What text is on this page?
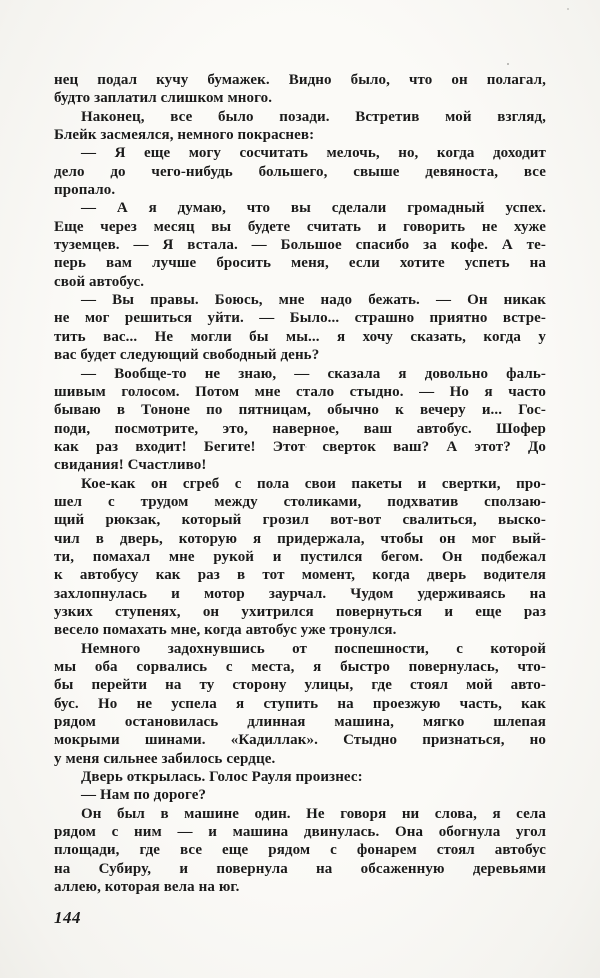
нец подал кучу бумажек. Видно было, что он полагал,
будто заплатил слишком много.
Наконец, все было позади. Встретив мой взгляд,
Блейк засмеялся, немного покраснев:
— Я еще могу сосчитать мелочь, но, когда доходит
дело до чего-нибудь большего, свыше девяноста, все
пропало.
— А я думаю, что вы сделали громадный успех.
Еще через месяц вы будете считать и говорить не хуже
туземцев. — Я встала. — Большое спасибо за кофе. А те-
перь вам лучше бросить меня, если хотите успеть на
свой автобус.
— Вы правы. Боюсь, мне надо бежать. — Он никак
не мог решиться уйти. — Было... страшно приятно встре-
тить вас... Не могли бы мы... я хочу сказать, когда у
вас будет следующий свободный день?
— Вообще-то не знаю, — сказала я довольно фаль-
шивым голосом. Потом мне стало стыдно. — Но я часто
бываю в Тононе по пятницам, обычно к вечеру и... Гос-
поди, посмотрите, это, наверное, ваш автобус. Шофер
как раз входит! Бегите! Этот сверток ваш? А этот? До
свидания! Счастливо!
Кое-как он сгреб с пола свои пакеты и свертки, про-
шел с трудом между столиками, подхватив сползаю-
щий рюкзак, который грозил вот-вот свалиться, выско-
чил в дверь, которую я придержала, чтобы он мог вый-
ти, помахал мне рукой и пустился бегом. Он подбежал
к автобусу как раз в тот момент, когда дверь водителя
захлопнулась и мотор заурчал. Чудом удерживаясь на
узких ступенях, он ухитрился повернуться и еще раз
весело помахать мне, когда автобус уже тронулся.
Немного задохнувшись от поспешности, с которой
мы оба сорвались с места, я быстро повернулась, что-
бы перейти на ту сторону улицы, где стоял мой авто-
бус. Но не успела я ступить на проезжую часть, как
рядом остановилась длинная машина, мягко шлепая
мокрыми шинами. «Кадиллак». Стыдно признаться, но
у меня сильнее забилось сердце.
Дверь открылась. Голос Рауля произнес:
— Нам по дороге?
Он был в машине один. Не говоря ни слова, я села
рядом с ним — и машина двинулась. Она обогнула угол
площади, где все еще рядом с фонарем стоял автобус
на Субиру, и повернула на обсаженную деревьями
аллею, которая вела на юг.
144
